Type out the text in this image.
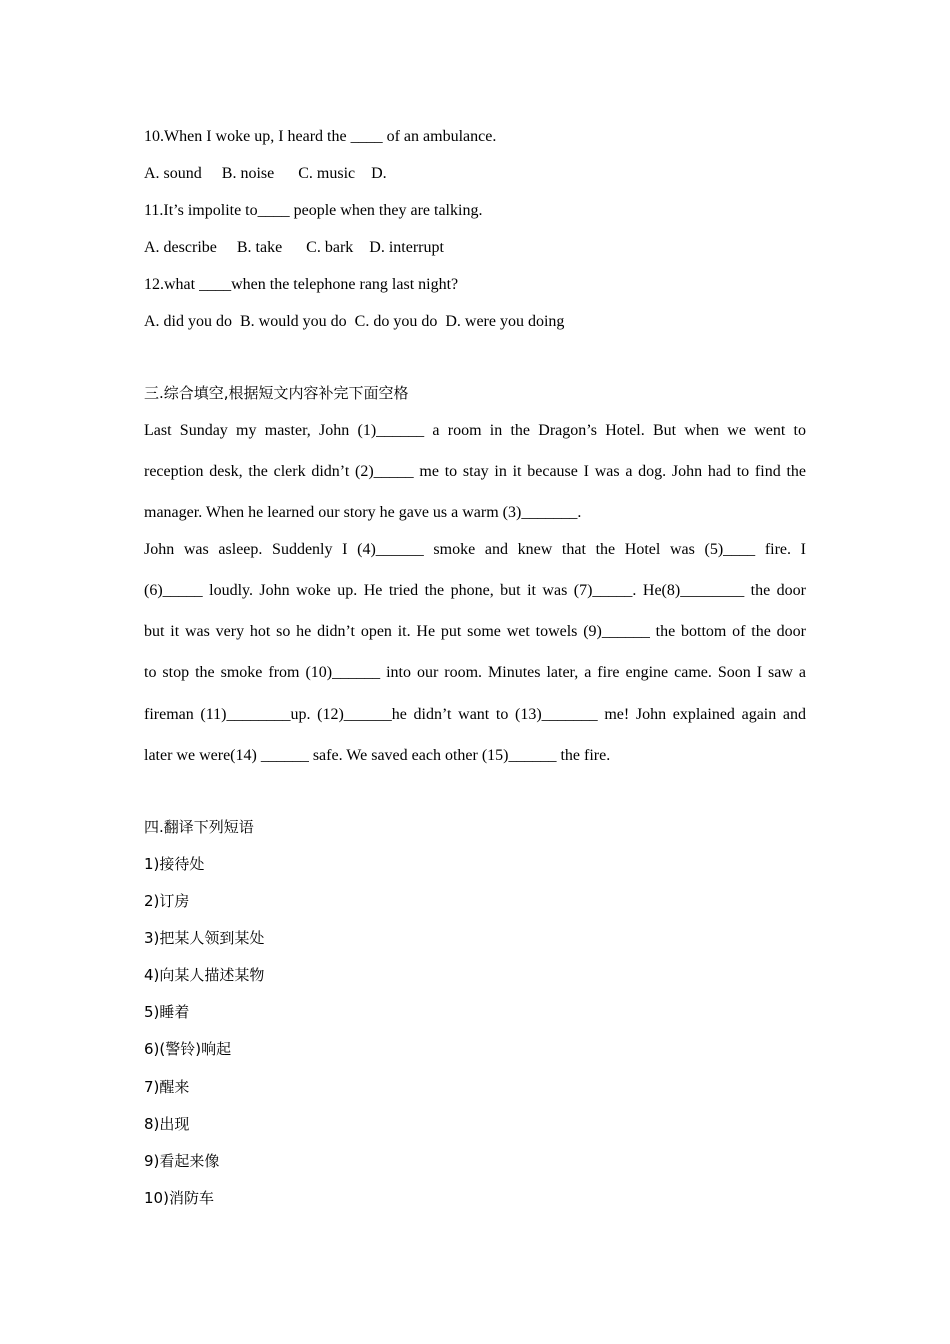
10.When I woke up, I heard the ____ of an ambulance.
A. sound     B. noise      C. music    D.
11.It’s impolite to____ people when they are talking.
A. describe     B. take      C. bark    D. interrupt
12.what ____when the telephone rang last night?
A. did you do  B. would you do  C. do you do  D. were you doing
三.综合填空,根据短文内容补完下面空格
Last Sunday my master, John (1)______ a room in the Dragon’s Hotel. But when we went to
reception desk, the clerk didn’t (2)_____ me to stay in it because I was a dog. John had to find the
manager. When he learned our story he gave us a warm (3)_______.
John was asleep. Suddenly I (4)______ smoke and knew that the Hotel was (5)____ fire. I
(6)_____ loudly. John woke up. He tried the phone, but it was (7)_____. He(8)________ the door
but it was very hot so he didn’t open it. He put some wet towels (9)______ the bottom of the door
to stop the smoke from (10)______ into our room. Minutes later, a fire engine came. Soon I saw a
fireman (11)________up. (12)______he didn’t want to (13)_______ me! John explained again and
later we were(14) ______ safe. We saved each other (15)______ the fire.
四.翻译下列短语
1)接待处
2)订房
3)把某人领到某处
4)向某人描述某物
5)睡着
6)(警铃)响起
7)醒来
8)出现
9)看起来像
10)消防车
